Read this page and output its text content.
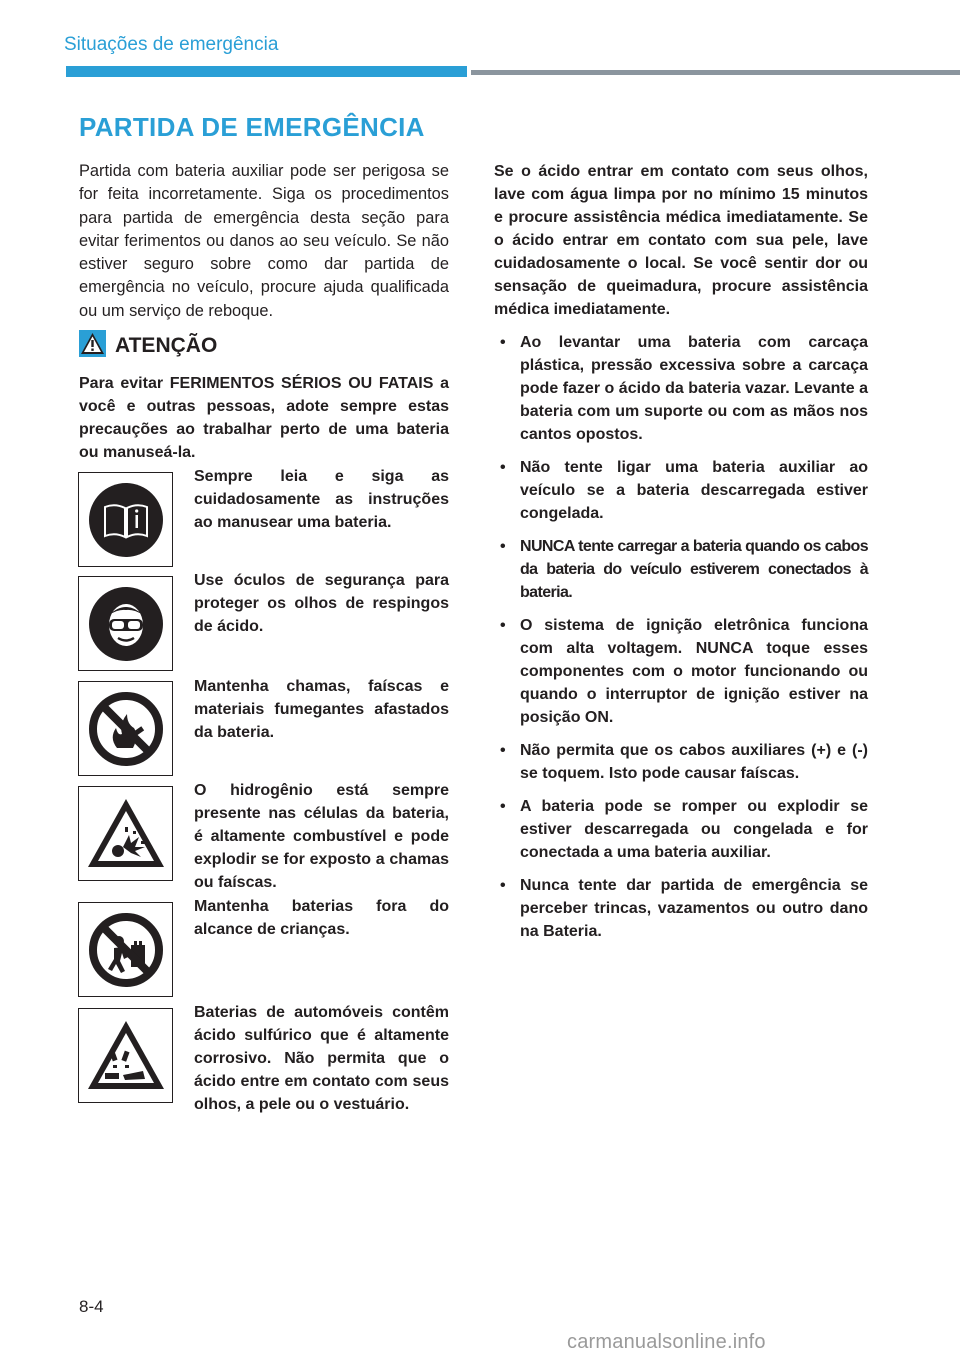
Situações de emergência
PARTIDA DE EMERGÊNCIA
Partida com bateria auxiliar pode ser perigosa se for feita incorretamente. Siga os procedimentos para partida de emergência desta seção para evitar ferimentos ou danos ao seu veículo. Se não estiver seguro sobre como dar partida de emergência no veículo, procure ajuda qualificada ou um serviço de reboque.
ATENÇÃO
Para evitar FERIMENTOS SÉRIOS OU FATAIS a você e outras pessoas, adote sempre estas precauções ao trabalhar perto de uma bateria ou manuseá-la.
Sempre leia e siga as cuidadosamente as instruções ao manusear uma bateria.
Use óculos de segurança para proteger os olhos de respingos de ácido.
Mantenha chamas, faíscas e materiais fumegantes afastados da bateria.
O hidrogênio está sempre presente nas células da bateria, é altamente combustível e pode explodir se for exposto a chamas ou faíscas.
Mantenha baterias fora do alcance de crianças.
Baterias de automóveis contêm ácido sulfúrico que é altamente corrosivo. Não permita que o ácido entre em contato com seus olhos, a pele ou o vestuário.

Se o ácido entrar em contato com seus olhos, lave com água limpa por no mínimo 15 minutos e procure assistência médica imediatamente. Se o ácido entrar em contato com sua pele, lave cuidadosamente o local. Se você sentir dor ou sensação de queimadura, procure assistência médica imediatamente.

• Ao levantar uma bateria com carcaça plástica, pressão excessiva sobre a carcaça pode fazer o ácido da bateria vazar. Levante a bateria com um suporte ou com as mãos nos cantos opostos.
• Não tente ligar uma bateria auxiliar ao veículo se a bateria descarregada estiver congelada.
• NUNCA tente carregar a bateria quando os cabos da bateria do veículo estiverem conectados à bateria.
• O sistema de ignição eletrônica funciona com alta voltagem. NUNCA toque esses componentes com o motor funcionando ou quando o interruptor de ignição estiver na posição ON.
• Não permita que os cabos auxiliares (+) e (-) se toquem. Isto pode causar faíscas.
• A bateria pode se romper ou explodir se estiver descarregada ou congelada e for conectada a uma bateria auxiliar.
• Nunca tente dar partida de emergência se perceber trincas, vazamentos ou outro dano na Bateria.
8-4
carmanualsonline.info
